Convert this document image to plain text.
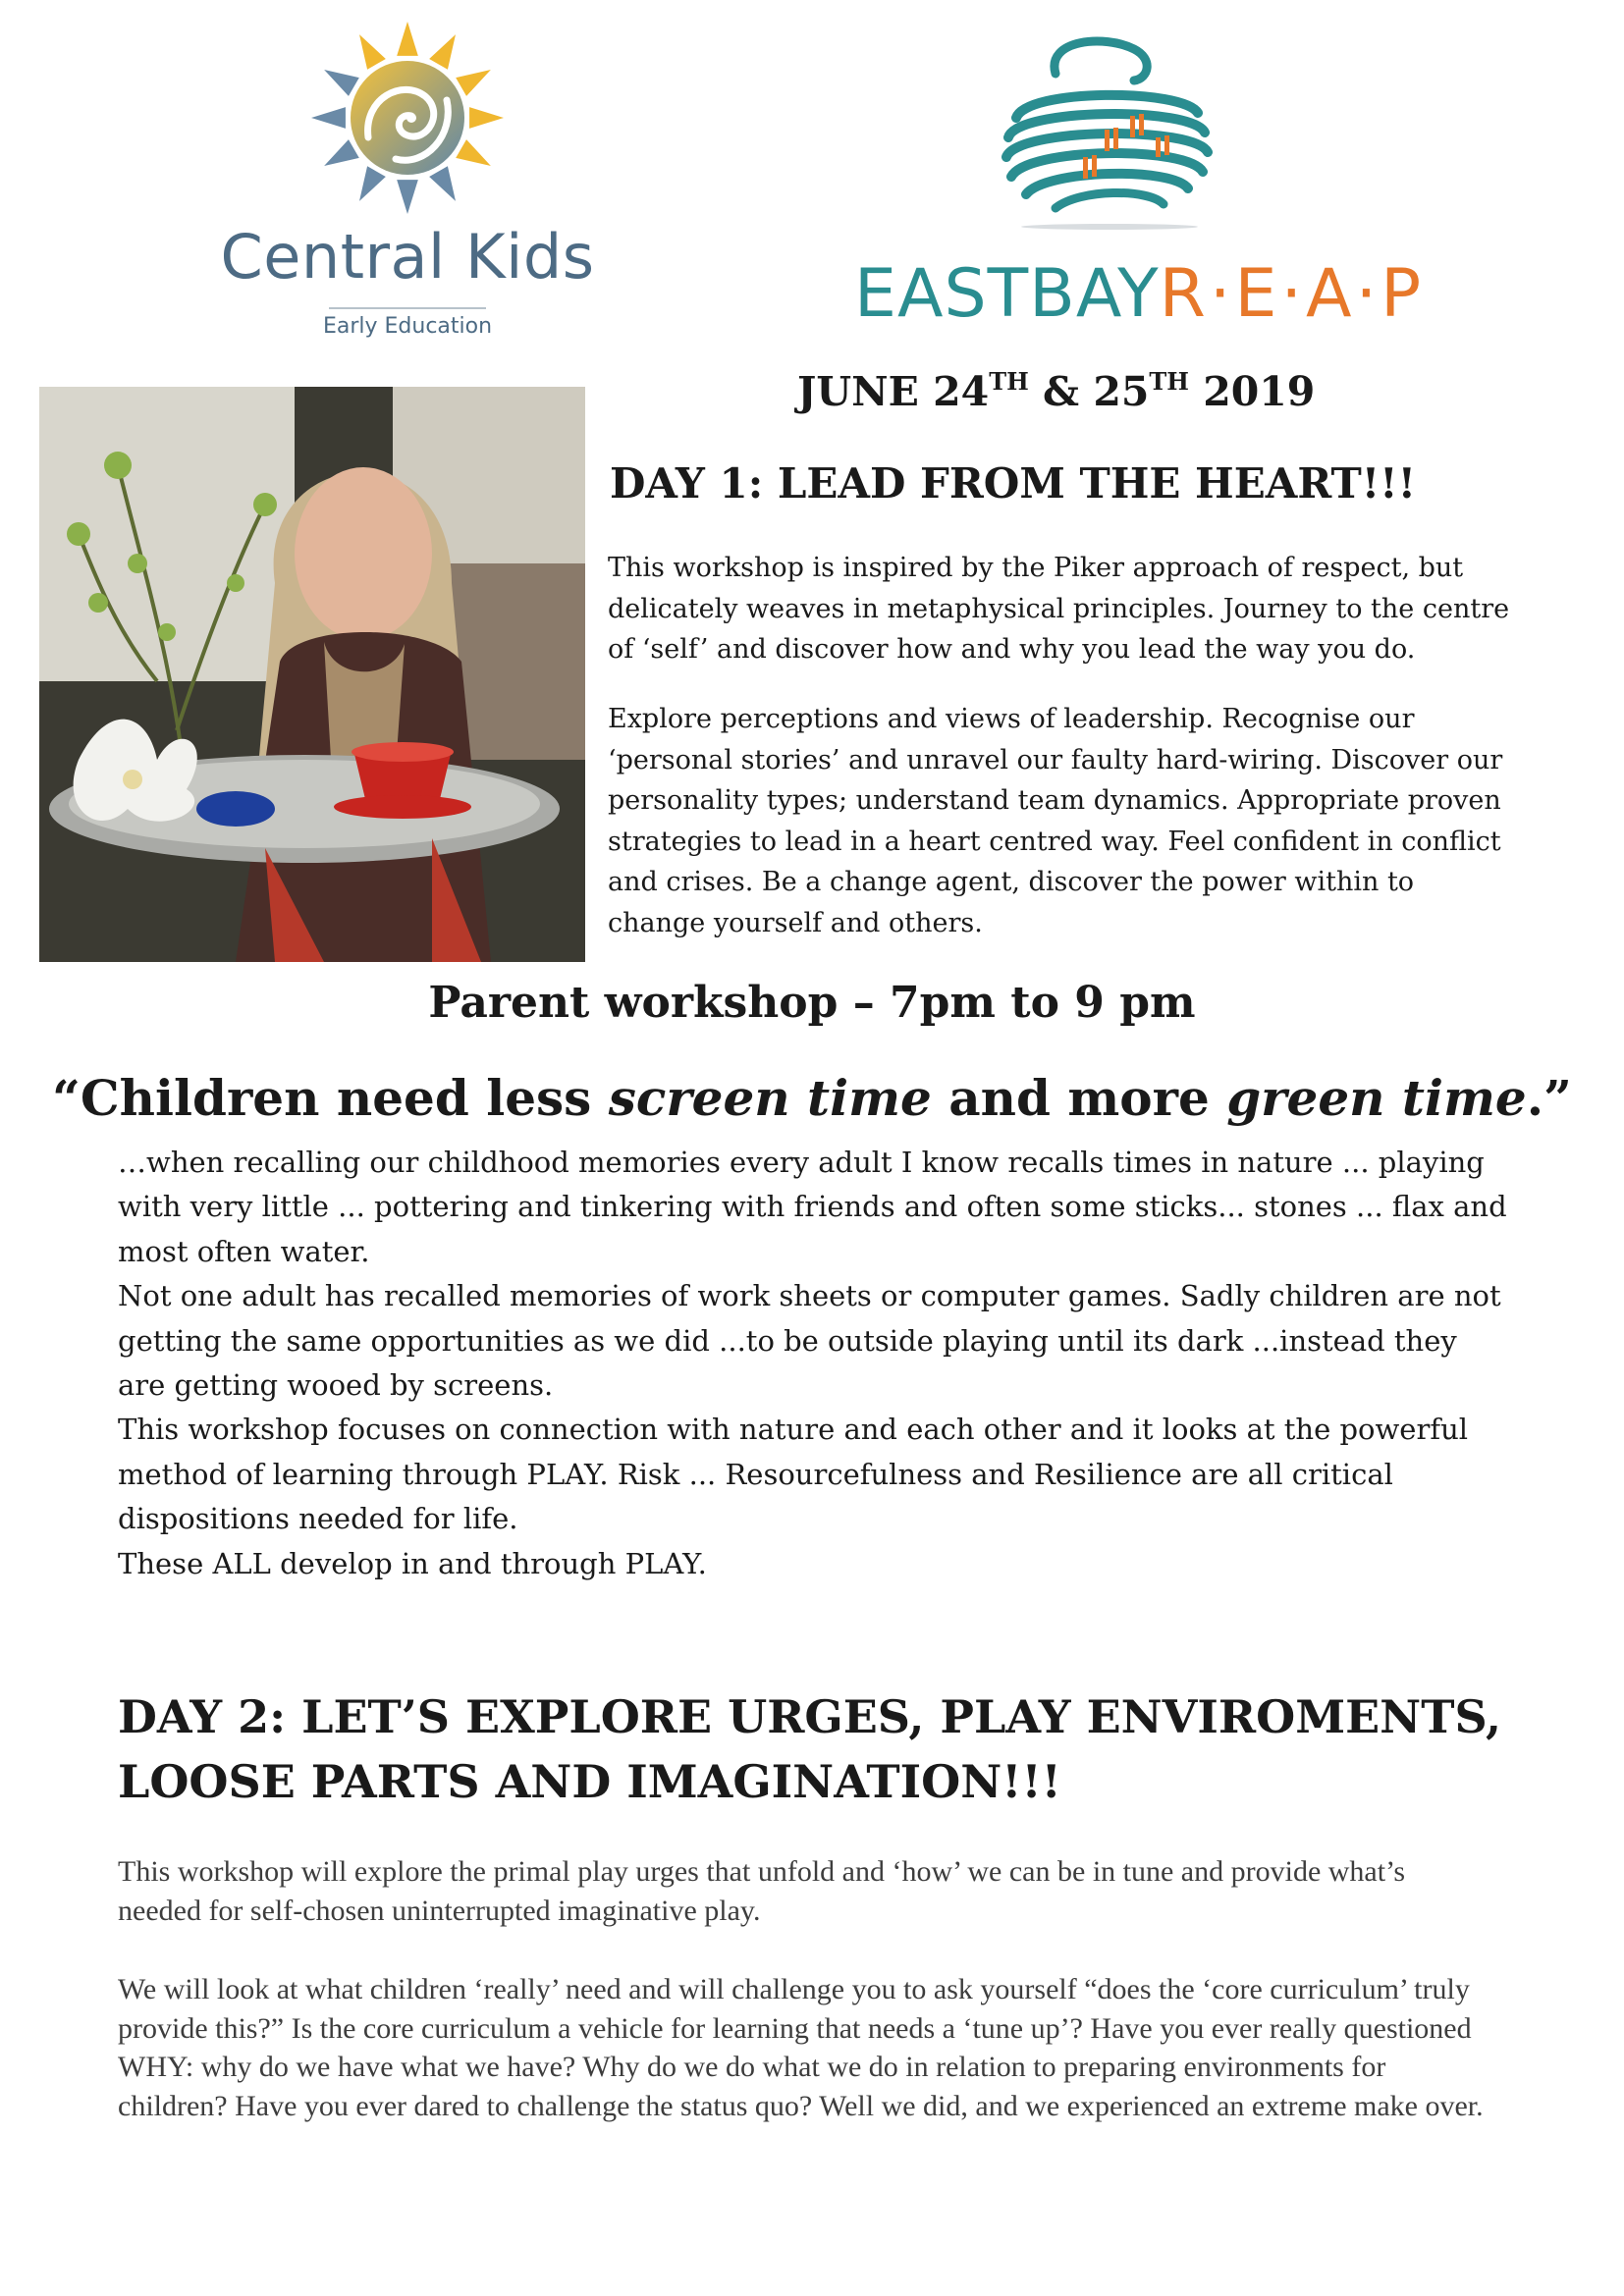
Central Kids
Early Education	EASTBAYR·E·A·P
JUNE 24TH & 25TH 2019
DAY 1: LEAD FROM THE HEART!!!
This workshop is inspired by the Piker approach of respect, but delicately weaves in metaphysical principles. Journey to the centre of ‘self’ and discover how and why you lead the way you do.
Explore perceptions and views of leadership. Recognise our ‘personal stories’ and unravel our faulty hard-wiring. Discover our personality types; understand team dynamics. Appropriate proven strategies to lead in a heart centred way. Feel confident in conflict and crises. Be a change agent, discover the power within to change yourself and others.
Parent workshop – 7pm to 9 pm
“Children need less screen time and more green time.”
…when recalling our childhood memories every adult I know recalls times in nature ... playing with very little ... pottering and tinkering with friends and often some sticks... stones ... flax and most often water.
Not one adult has recalled memories of work sheets or computer games. Sadly children are not getting the same opportunities as we did ...to be outside playing until its dark ...instead they are getting wooed by screens.
This workshop focuses on connection with nature and each other and it looks at the powerful method of learning through PLAY. Risk ... Resourcefulness and Resilience are all critical dispositions needed for life.
These ALL develop in and through PLAY.
DAY 2: LET’S EXPLORE URGES, PLAY ENVIROMENTS, LOOSE PARTS AND IMAGINATION!!!
This workshop will explore the primal play urges that unfold and ‘how’ we can be in tune and provide what’s needed for self-chosen uninterrupted imaginative play.
We will look at what children ‘really’ need and will challenge you to ask yourself “does the ‘core curriculum’ truly provide this?” Is the core curriculum a vehicle for learning that needs a ‘tune up’? Have you ever really questioned WHY: why do we have what we have? Why do we do what we do in relation to preparing environments for children? Have you ever dared to challenge the status quo? Well we did, and we experienced an extreme make over.
